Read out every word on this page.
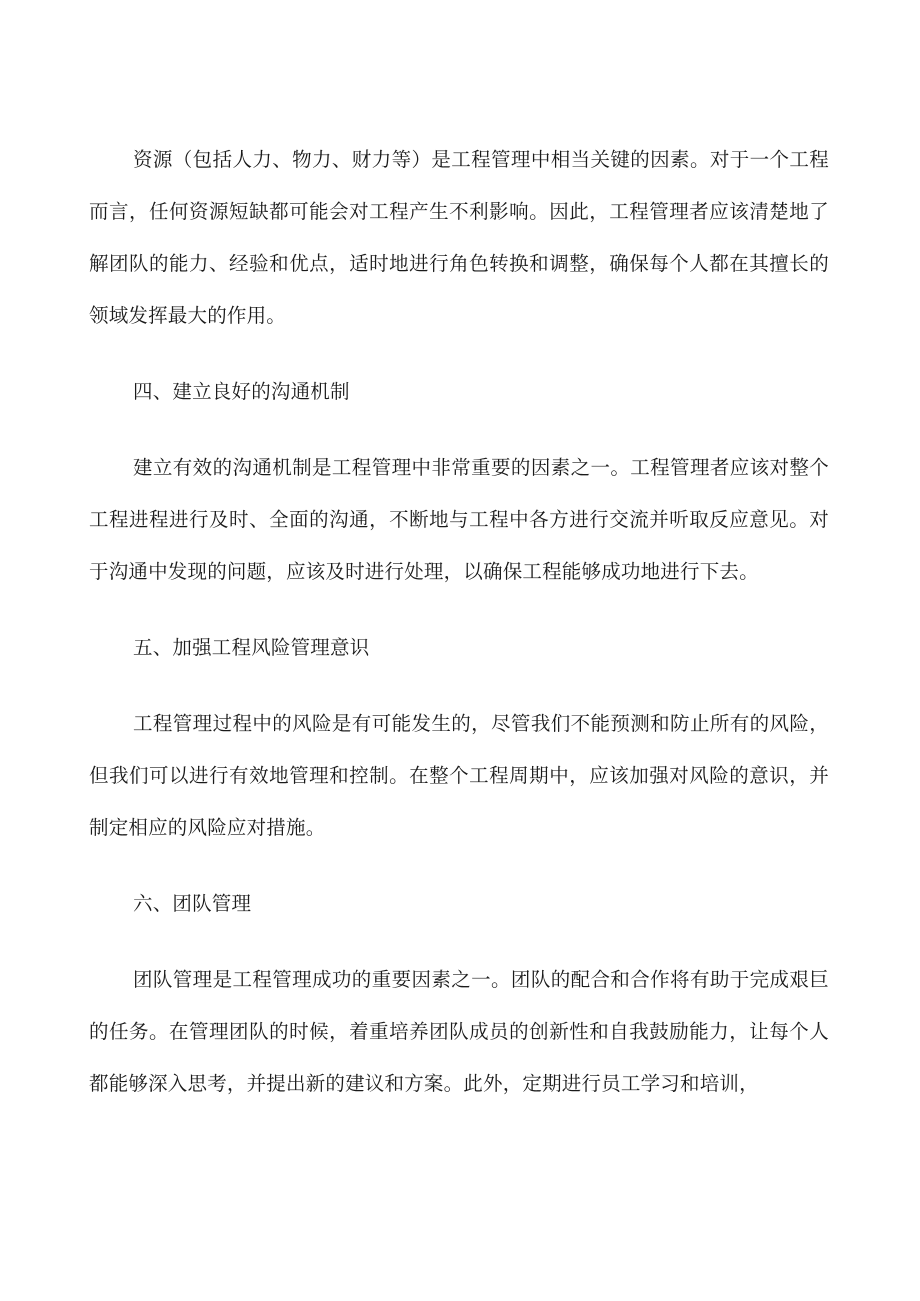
资源（包括人力、物力、财力等）是工程管理中相当关键的因素。对于一个工程而言，任何资源短缺都可能会对工程产生不利影响。因此，工程管理者应该清楚地了解团队的能力、经验和优点，适时地进行角色转换和调整，确保每个人都在其擅长的领域发挥最大的作用。

四、建立良好的沟通机制

建立有效的沟通机制是工程管理中非常重要的因素之一。工程管理者应该对整个工程进程进行及时、全面的沟通，不断地与工程中各方进行交流并听取反应意见。对于沟通中发现的问题，应该及时进行处理，以确保工程能够成功地进行下去。

五、加强工程风险管理意识

工程管理过程中的风险是有可能发生的，尽管我们不能预测和防止所有的风险，但我们可以进行有效地管理和控制。在整个工程周期中，应该加强对风险的意识，并制定相应的风险应对措施。

六、团队管理

团队管理是工程管理成功的重要因素之一。团队的配合和合作将有助于完成艰巨的任务。在管理团队的时候，着重培养团队成员的创新性和自我鼓励能力，让每个人都能够深入思考，并提出新的建议和方案。此外，定期进行员工学习和培训，
